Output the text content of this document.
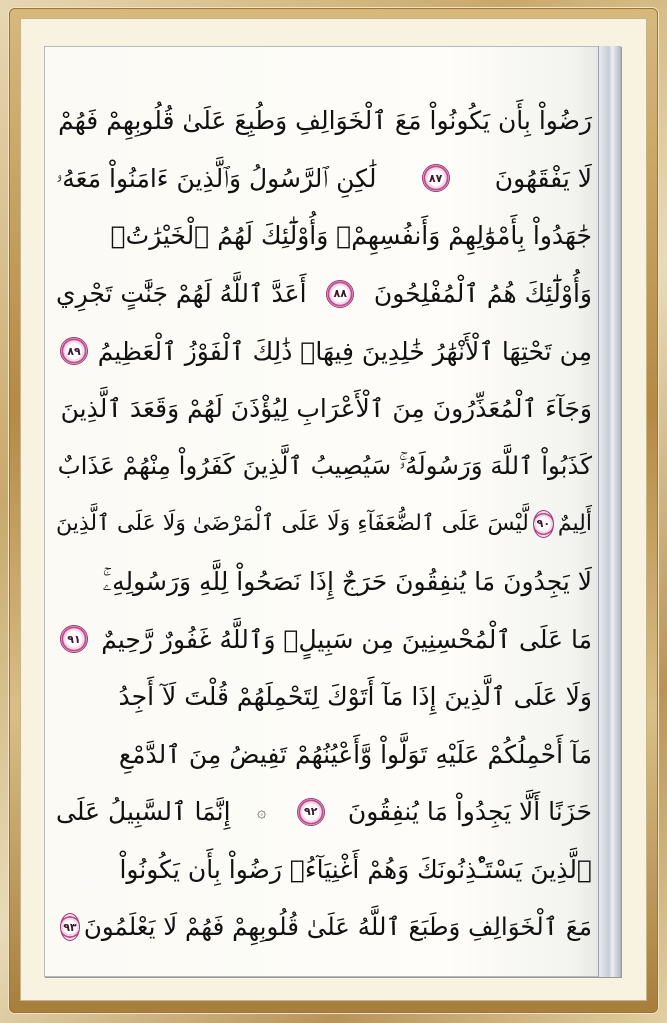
رَضُواْ بِأَن يَكُونُواْ مَعَ ٱلْخَوَالِفِ وَطُبِعَ عَلَىٰ قُلُوبِهِمْ فَهُمْ
لَا يَفْقَهُونَ
٨٧
لَٰكِنِ ٱلرَّسُولُ وَٱلَّذِينَ ءَامَنُواْ مَعَهُۥ
جَٰهَدُواْ بِأَمْوَٰلِهِمْ وَأَنفُسِهِمْۚ وَأُوْلَٰٓئِكَ لَهُمُ ٱلْخَيْرَٰتُۖ
وَأُوْلَٰٓئِكَ هُمُ ٱلْمُفْلِحُونَ
٨٨
أَعَدَّ ٱللَّهُ لَهُمْ جَنَّٰتٍ تَجْرِي
مِن تَحْتِهَا ٱلْأَنْهَٰرُ خَٰلِدِينَ فِيهَاۚ ذَٰلِكَ ٱلْفَوْزُ ٱلْعَظِيمُ
٨٩
وَجَآءَ ٱلْمُعَذِّرُونَ مِنَ ٱلْأَعْرَابِ لِيُؤْذَنَ لَهُمْ وَقَعَدَ ٱلَّذِينَ
كَذَبُواْ ٱللَّهَ وَرَسُولَهُۥۚ سَيُصِيبُ ٱلَّذِينَ كَفَرُواْ مِنْهُمْ عَذَابٌ
أَلِيمٌ
٩٠
لَّيْسَ عَلَى ٱلضُّعَفَآءِ وَلَا عَلَى ٱلْمَرْضَىٰ وَلَا عَلَى ٱلَّذِينَ
لَا يَجِدُونَ مَا يُنفِقُونَ حَرَجٌ إِذَا نَصَحُواْ لِلَّهِ وَرَسُولِهِۦۚ
مَا عَلَى ٱلْمُحْسِنِينَ مِن سَبِيلٍۚ وَٱللَّهُ غَفُورٌ رَّحِيمٌ
٩١
وَلَا عَلَى ٱلَّذِينَ إِذَا مَآ أَتَوْكَ لِتَحْمِلَهُمْ قُلْتَ لَآ أَجِدُ
مَآ أَحْمِلُكُمْ عَلَيْهِ تَوَلَّواْ وَّأَعْيُنُهُمْ تَفِيضُ مِنَ ٱلدَّمْعِ
حَزَنًا أَلَّا يَجِدُواْ مَا يُنفِقُونَ
٩٢
۞
إِنَّمَا ٱلسَّبِيلُ عَلَى
ٱلَّذِينَ يَسْتَـْٔذِنُونَكَ وَهُمْ أَغْنِيَآءُۚ رَضُواْ بِأَن يَكُونُواْ
مَعَ ٱلْخَوَالِفِ وَطَبَعَ ٱللَّهُ عَلَىٰ قُلُوبِهِمْ فَهُمْ لَا يَعْلَمُونَ
٩٣
